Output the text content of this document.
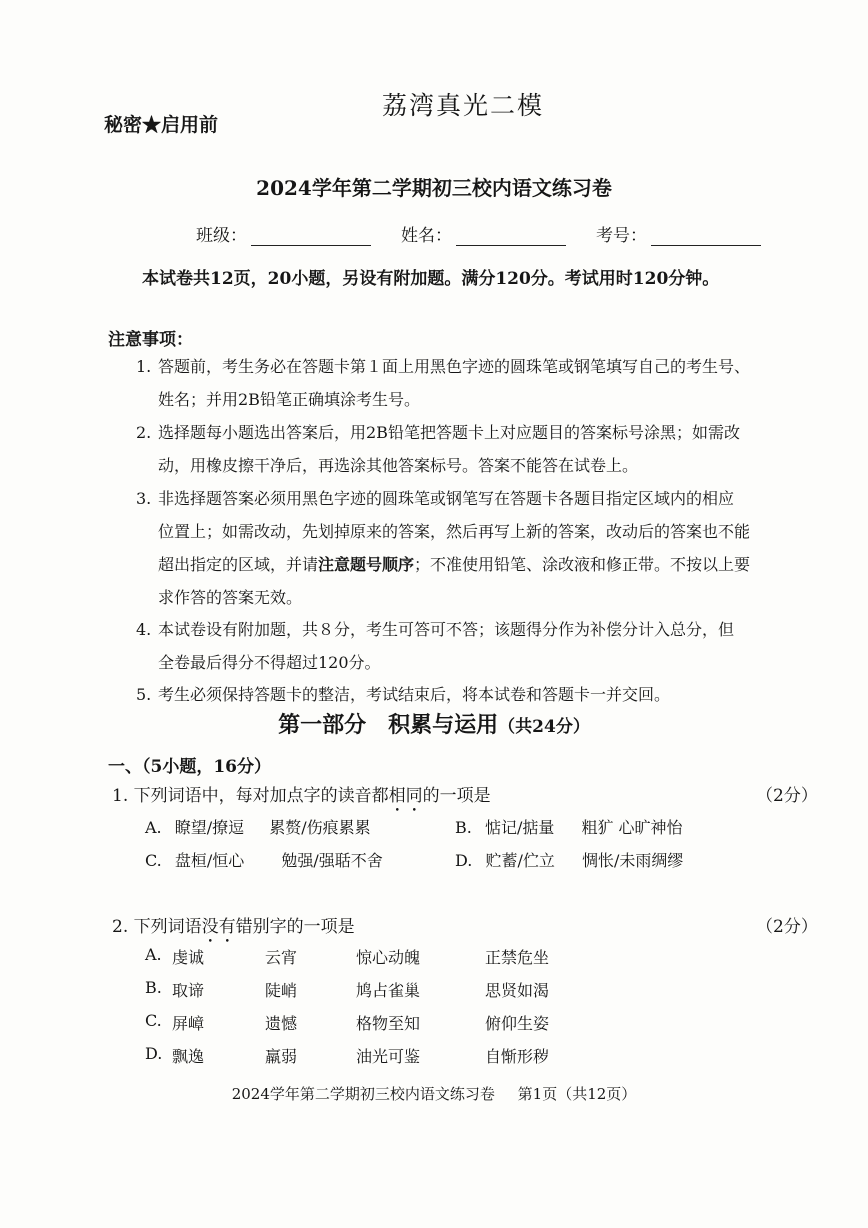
秘密★启用前
荔湾真光二模
2024学年第二学期初三校内语文练习卷
班级：	姓名：	考号：
本试卷共12页，20小题，另设有附加题。满分120分。考试用时120分钟。
注意事项：
1. 答题前，考生务必在答题卡第１面上用黑色字迹的圆珠笔或钢笔填写自己的考生号、
姓名；并用2B铅笔正确填涂考生号。
2. 选择题每小题选出答案后，用2B铅笔把答题卡上对应题目的答案标号涂黑；如需改
动，用橡皮擦干净后，再选涂其他答案标号。答案不能答在试卷上。
3. 非选择题答案必须用黑色字迹的圆珠笔或钢笔写在答题卡各题目指定区域内的相应
位置上；如需改动，先划掉原来的答案，然后再写上新的答案，改动后的答案也不能
超出指定的区域，并请注意题号顺序；不准使用铅笔、涂改液和修正带。不按以上要
求作答的答案无效。
4. 本试卷设有附加题，共８分，考生可答可不答；该题得分作为补偿分计入总分，但
全卷最后得分不得超过120分。
5. 考生必须保持答题卡的整洁，考试结束后，将本试卷和答题卡一并交回。
第一部分　积累与运用（共24分）
一、（5小题，16分）
1. 下列词语中，每对加点字的读音都相同的一项是	（2分）
A. 瞭望/撩逗 累赘/伤痕累累	B. 惦记/掂量 粗犷 心旷神怡
C. 盘桓/恒心 勉强/强聒不舍	D. 贮蓄/伫立 惆怅/未雨绸缪
2. 下列词语没有错别字的一项是	（2分）
A. 虔诚	云宵	惊心动魄	正禁危坐
B. 取谛	陡峭	鸠占雀巢	思贤如渴
C. 屏嶂	遗憾	格物至知	俯仰生姿
D. 飘逸	羸弱	油光可鉴	自惭形秽
2024学年第二学期初三校内语文练习卷 第1页（共12页）
